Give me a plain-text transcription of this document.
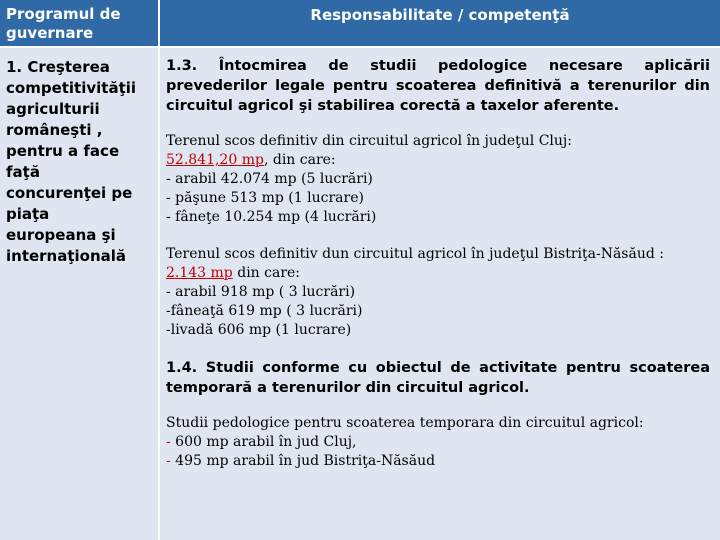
Programul de guvernare
Responsabilitate / competenţă
1. Creşterea
competitivităţii
agriculturii
româneşti ,
pentru a face
faţă
concurenţei pe
piaţa
europeana şi
internaţională
1.3. Întocmirea de studii pedologice necesare aplicării prevederilor legale pentru scoaterea definitivă a terenurilor din circuitul agricol şi stabilirea corectă a taxelor aferente.
Terenul scos definitiv din circuitul agricol în judeţul Cluj:
52.841,20 mp, din care:
- arabil 42.074 mp (5 lucrări)
- păşune 513 mp (1 lucrare)
- fâneţe 10.254 mp (4 lucrări)
Terenul scos definitiv dun circuitul agricol în judeţul Bistriţa-Năsăud :
2.143 mp din care:
- arabil 918 mp ( 3 lucrări)
-fâneaţă 619 mp ( 3 lucrări)
-livadă 606 mp (1 lucrare)
1.4. Studii conforme cu obiectul de activitate pentru scoaterea temporară a terenurilor din circuitul agricol.
Studii pedologice pentru scoaterea temporara din circuitul agricol:
- 600 mp arabil în jud Cluj,
- 495 mp arabil în jud Bistriţa-Năsăud
